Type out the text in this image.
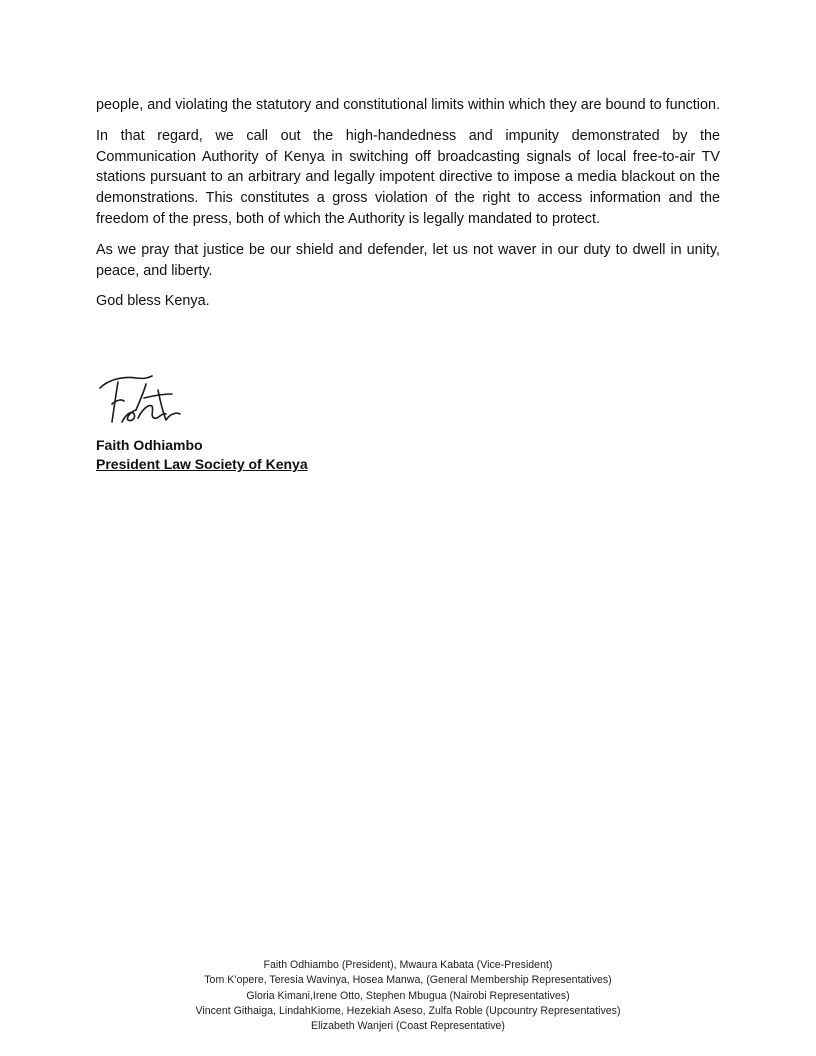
people, and violating the statutory and constitutional limits within which they are bound to function.

In that regard, we call out the high-handedness and impunity demonstrated by the Communication Authority of Kenya in switching off broadcasting signals of local free-to-air TV stations pursuant to an arbitrary and legally impotent directive to impose a media blackout on the demonstrations. This constitutes a gross violation of the right to access information and the freedom of the press, both of which the Authority is legally mandated to protect.

As we pray that justice be our shield and defender, let us not waver in our duty to dwell in unity, peace, and liberty.

God bless Kenya.

Faith Odhiambo
President Law Society of Kenya
Faith Odhiambo (President), Mwaura Kabata (Vice-President)
Tom K’opere, Teresia Wavinya, Hosea Manwa, (General Membership Representatives)
Gloria Kimani,Irene Otto, Stephen Mbugua (Nairobi Representatives)
Vincent Githaiga, LindahKiome, Hezekiah Aseso, Zulfa Roble (Upcountry Representatives)
Elizabeth Wanjeri (Coast Representative)
